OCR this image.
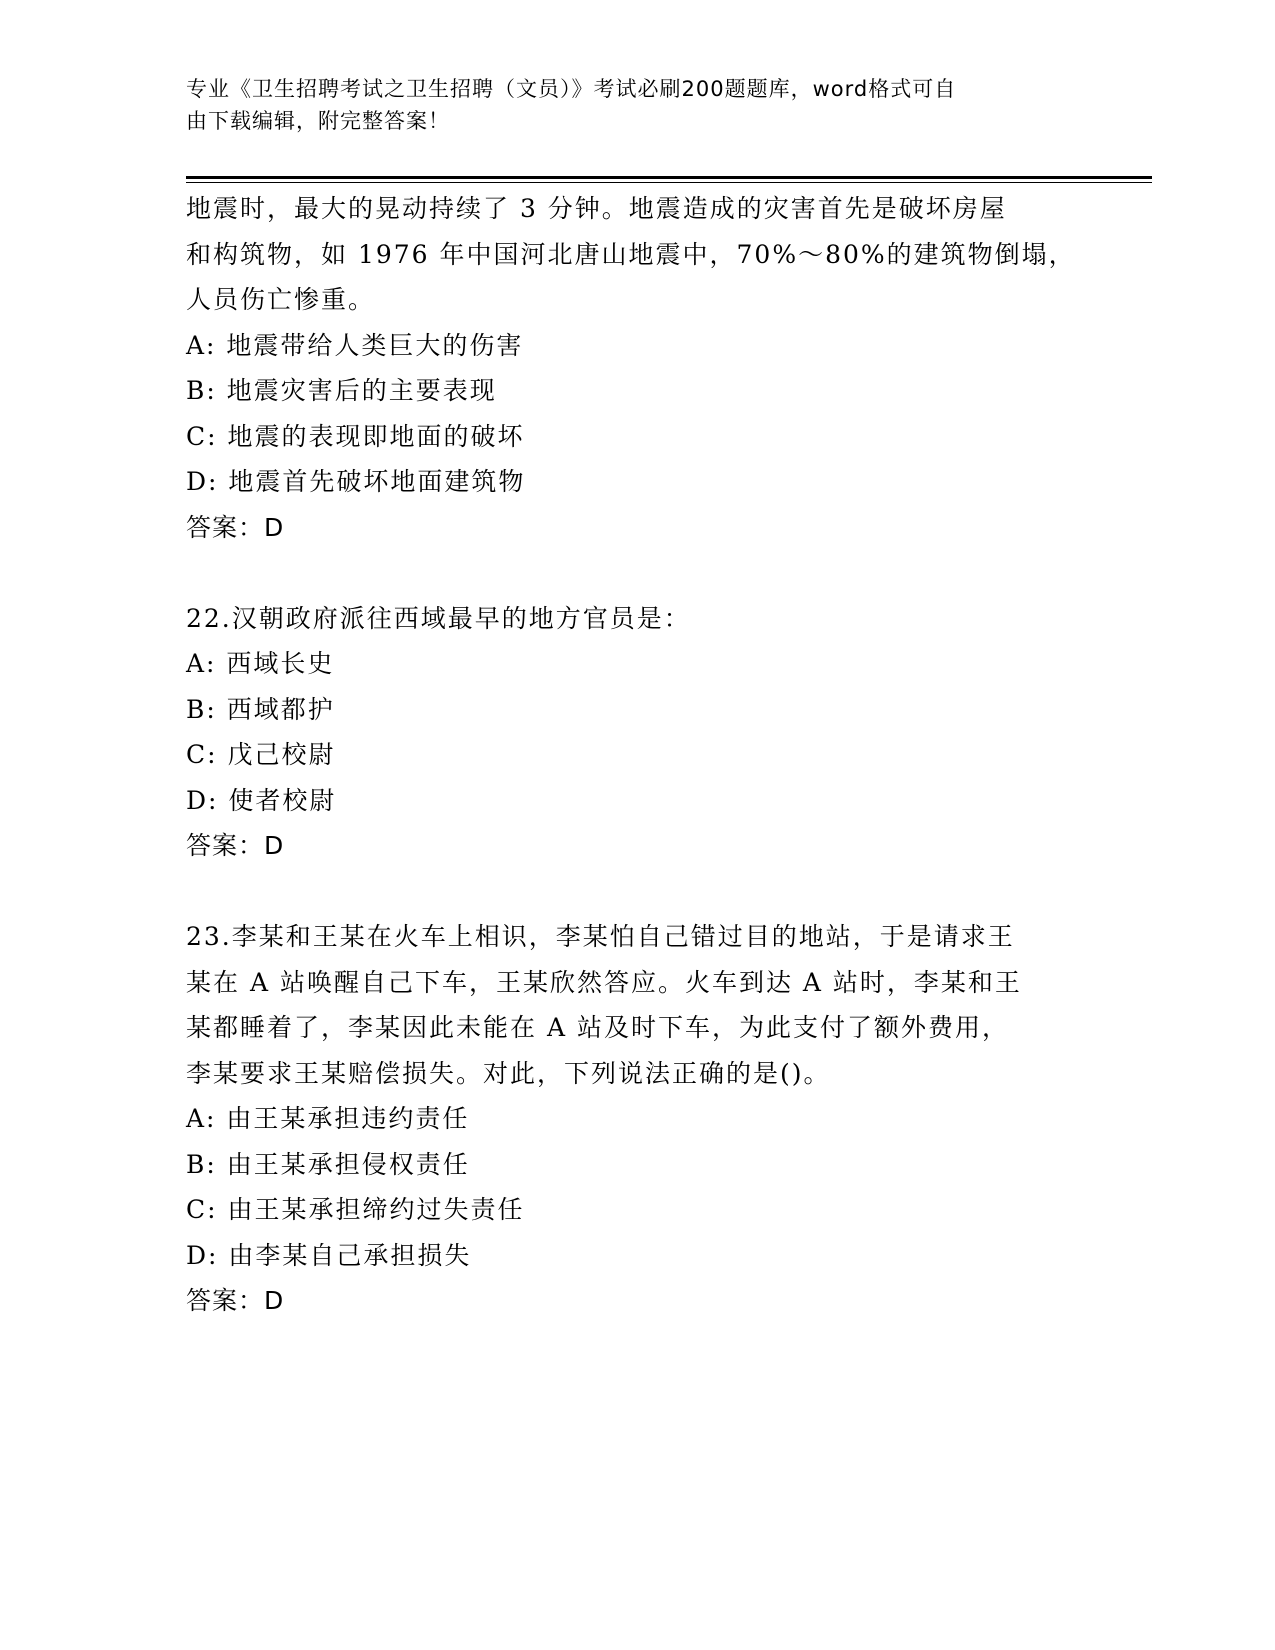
专业《卫生招聘考试之卫生招聘（文员）》考试必刷200题题库，word格式可自
由下载编辑，附完整答案！
地震时，最大的晃动持续了 3 分钟。地震造成的灾害首先是破坏房屋
和构筑物，如 1976 年中国河北唐山地震中，70%～80%的建筑物倒塌，
人员伤亡惨重。
A: 地震带给人类巨大的伤害
B: 地震灾害后的主要表现
C: 地震的表现即地面的破坏
D: 地震首先破坏地面建筑物
答案：D
22.汉朝政府派往西域最早的地方官员是：
A: 西域长史
B: 西域都护
C: 戊己校尉
D: 使者校尉
答案：D
23.李某和王某在火车上相识，李某怕自己错过目的地站，于是请求王
某在 A 站唤醒自己下车，王某欣然答应。火车到达 A 站时，李某和王
某都睡着了，李某因此未能在 A 站及时下车，为此支付了额外费用，
李某要求王某赔偿损失。对此，下列说法正确的是()。
A: 由王某承担违约责任
B: 由王某承担侵权责任
C: 由王某承担缔约过失责任
D: 由李某自己承担损失
答案：D
